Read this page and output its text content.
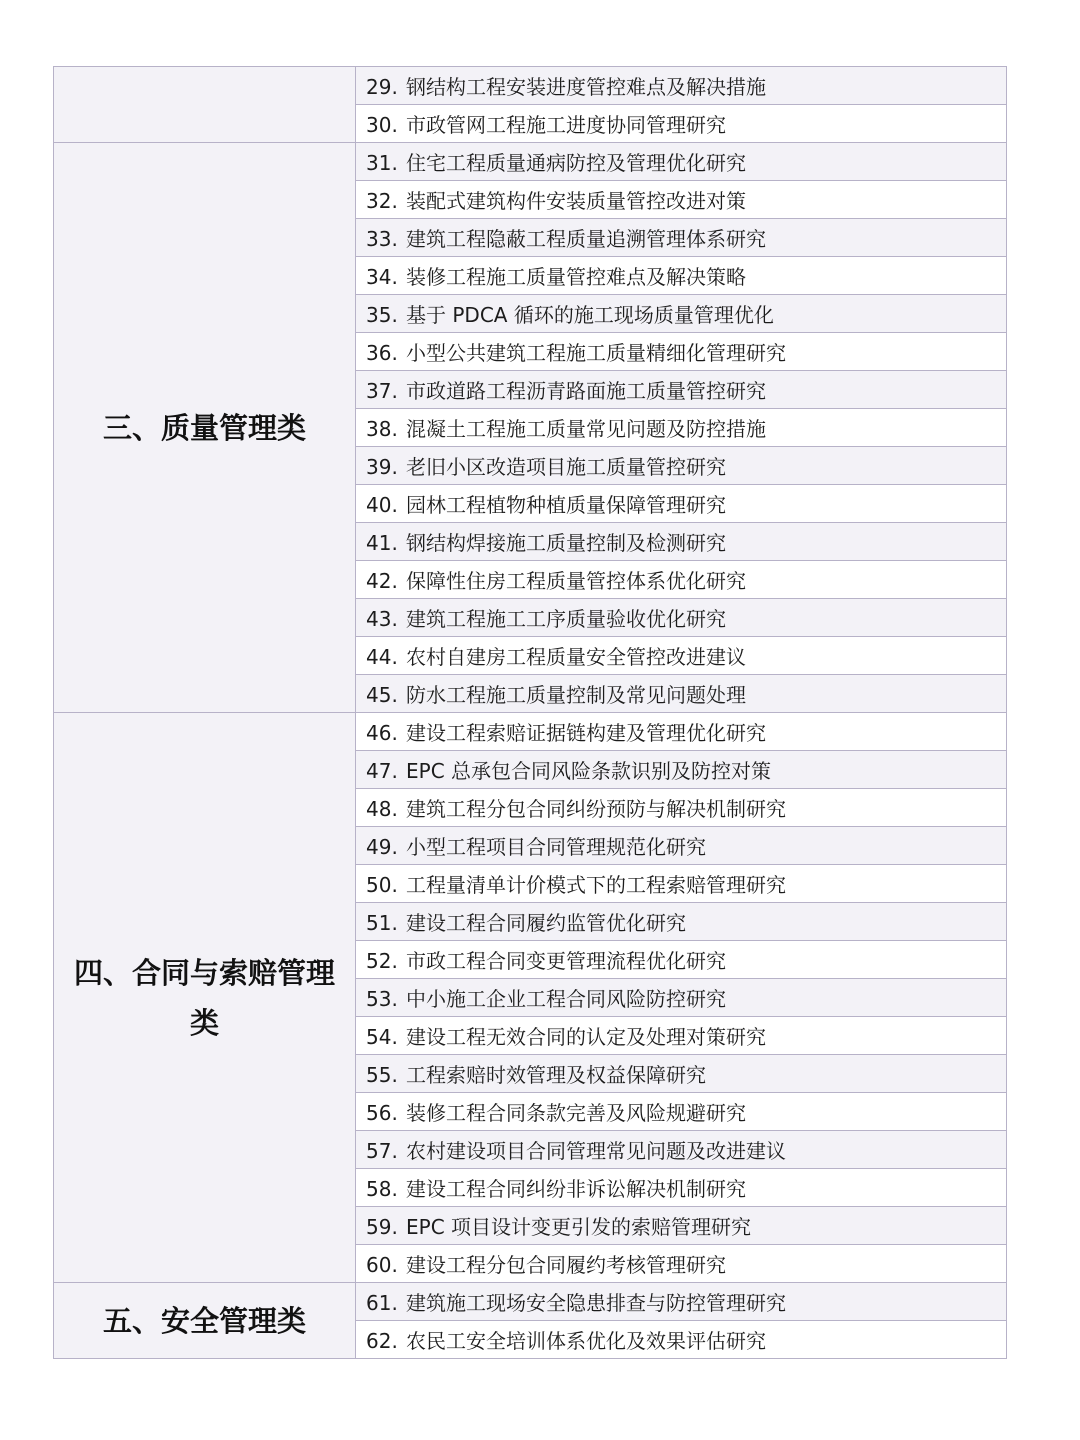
	29. 钢结构工程安装进度管控难点及解决措施
	30. 市政管网工程施工进度协同管理研究
三、质量管理类	31. 住宅工程质量通病防控及管理优化研究
	32. 装配式建筑构件安装质量管控改进对策
	33. 建筑工程隐蔽工程质量追溯管理体系研究
	34. 装修工程施工质量管控难点及解决策略
	35. 基于 PDCA 循环的施工现场质量管理优化
	36. 小型公共建筑工程施工质量精细化管理研究
	37. 市政道路工程沥青路面施工质量管控研究
	38. 混凝土工程施工质量常见问题及防控措施
	39. 老旧小区改造项目施工质量管控研究
	40. 园林工程植物种植质量保障管理研究
	41. 钢结构焊接施工质量控制及检测研究
	42. 保障性住房工程质量管控体系优化研究
	43. 建筑工程施工工序质量验收优化研究
	44. 农村自建房工程质量安全管控改进建议
	45. 防水工程施工质量控制及常见问题处理
四、合同与索赔管理类	46. 建设工程索赔证据链构建及管理优化研究
	47. EPC 总承包合同风险条款识别及防控对策
	48. 建筑工程分包合同纠纷预防与解决机制研究
	49. 小型工程项目合同管理规范化研究
	50. 工程量清单计价模式下的工程索赔管理研究
	51. 建设工程合同履约监管优化研究
	52. 市政工程合同变更管理流程优化研究
	53. 中小施工企业工程合同风险防控研究
	54. 建设工程无效合同的认定及处理对策研究
	55. 工程索赔时效管理及权益保障研究
	56. 装修工程合同条款完善及风险规避研究
	57. 农村建设项目合同管理常见问题及改进建议
	58. 建设工程合同纠纷非诉讼解决机制研究
	59. EPC 项目设计变更引发的索赔管理研究
	60. 建设工程分包合同履约考核管理研究
五、安全管理类	61. 建筑施工现场安全隐患排查与防控管理研究
	62. 农民工安全培训体系优化及效果评估研究
